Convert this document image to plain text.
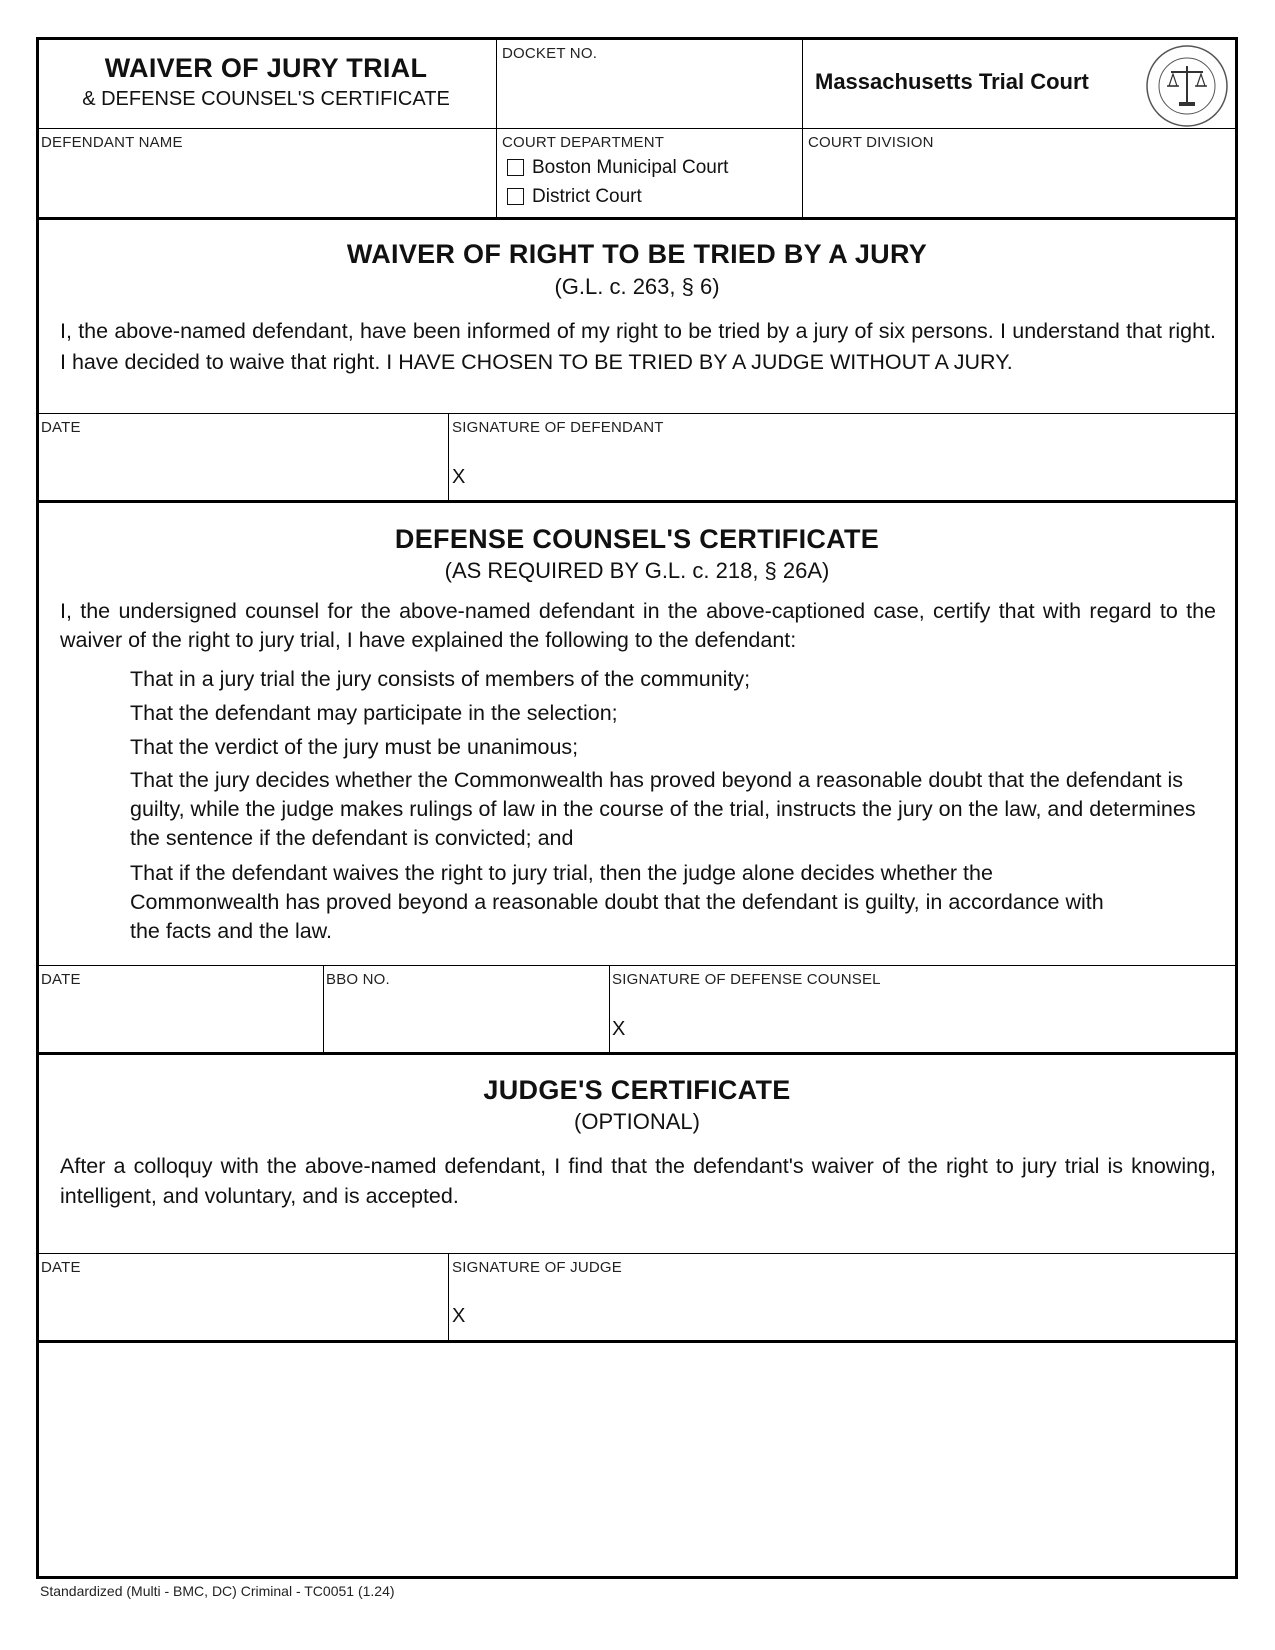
WAIVER OF JURY TRIAL
& DEFENSE COUNSEL'S CERTIFICATE
DOCKET NO.
Massachusetts Trial Court
DEFENDANT NAME	COURT DEPARTMENT
Boston Municipal Court
District Court
COURT DIVISION
WAIVER OF RIGHT TO BE TRIED BY A JURY
(G.L. c. 263, § 6)
I, the above-named defendant, have been informed of my right to be tried by a jury of six persons. I understand that right. I have decided to waive that right. I HAVE CHOSEN TO BE TRIED BY A JUDGE WITHOUT A JURY.
DATE	SIGNATURE OF DEFENDANT
X
DEFENSE COUNSEL'S CERTIFICATE
(AS REQUIRED BY G.L. c. 218, § 26A)
I, the undersigned counsel for the above-named defendant in the above-captioned case, certify that with regard to the waiver of the right to jury trial, I have explained the following to the defendant:
That in a jury trial the jury consists of members of the community;
That the defendant may participate in the selection;
That the verdict of the jury must be unanimous;
That the jury decides whether the Commonwealth has proved beyond a reasonable doubt that the defendant is guilty, while the judge makes rulings of law in the course of the trial, instructs the jury on the law, and determines the sentence if the defendant is convicted; and
That if the defendant waives the right to jury trial, then the judge alone decides whether the Commonwealth has proved beyond a reasonable doubt that the defendant is guilty, in accordance with the facts and the law.
DATE	BBO NO.	SIGNATURE OF DEFENSE COUNSEL
X
JUDGE'S CERTIFICATE
(OPTIONAL)
After a colloquy with the above-named defendant, I find that the defendant's waiver of the right to jury trial is knowing, intelligent, and voluntary, and is accepted.
DATE	SIGNATURE OF JUDGE
X
Standardized (Multi - BMC, DC) Criminal - TC0051 (1.24)
